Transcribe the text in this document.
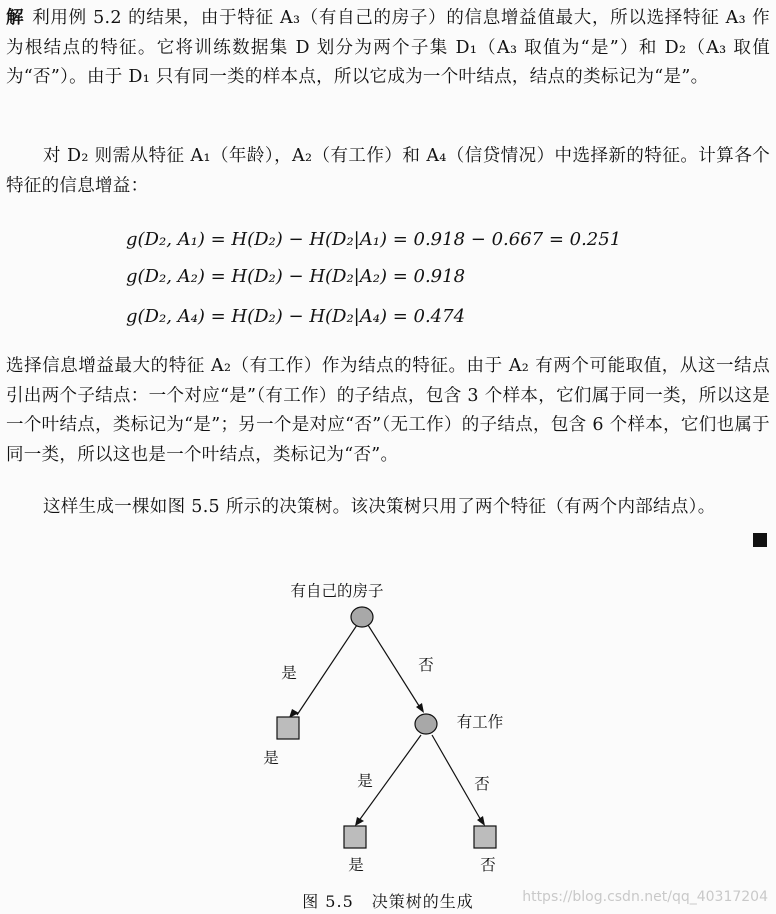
解 利用例 5.2 的结果，由于特征 A₃（有自己的房子）的信息增益值最大，所以选择特征 A₃ 作为根结点的特征。它将训练数据集 D 划分为两个子集 D₁（A₃ 取值为“是”）和 D₂（A₃ 取值为“否”）。由于 D₁ 只有同一类的样本点，所以它成为一个叶结点，结点的类标记为“是”。

对 D₂ 则需从特征 A₁（年龄），A₂（有工作）和 A₄（信贷情况）中选择新的特征。计算各个特征的信息增益：

g(D₂, A₁) = H(D₂) − H(D₂|A₁) = 0.918 − 0.667 = 0.251
g(D₂, A₂) = H(D₂) − H(D₂|A₂) = 0.918
g(D₂, A₄) = H(D₂) − H(D₂|A₄) = 0.474

选择信息增益最大的特征 A₂（有工作）作为结点的特征。由于 A₂ 有两个可能取值，从这一结点引出两个子结点：一个对应“是”（有工作）的子结点，包含 3 个样本，它们属于同一类，所以这是一个叶结点，类标记为“是”；另一个是对应“否”（无工作）的子结点，包含 6 个样本，它们也属于同一类，所以这也是一个叶结点，类标记为“否”。

这样生成一棵如图 5.5 所示的决策树。该决策树只用了两个特征（有两个内部结点）。

有自己的房子
是	否
是
有工作
是	否
是	否
图 5.5 决策树的生成	https://blog.csdn.net/qq_40317204
